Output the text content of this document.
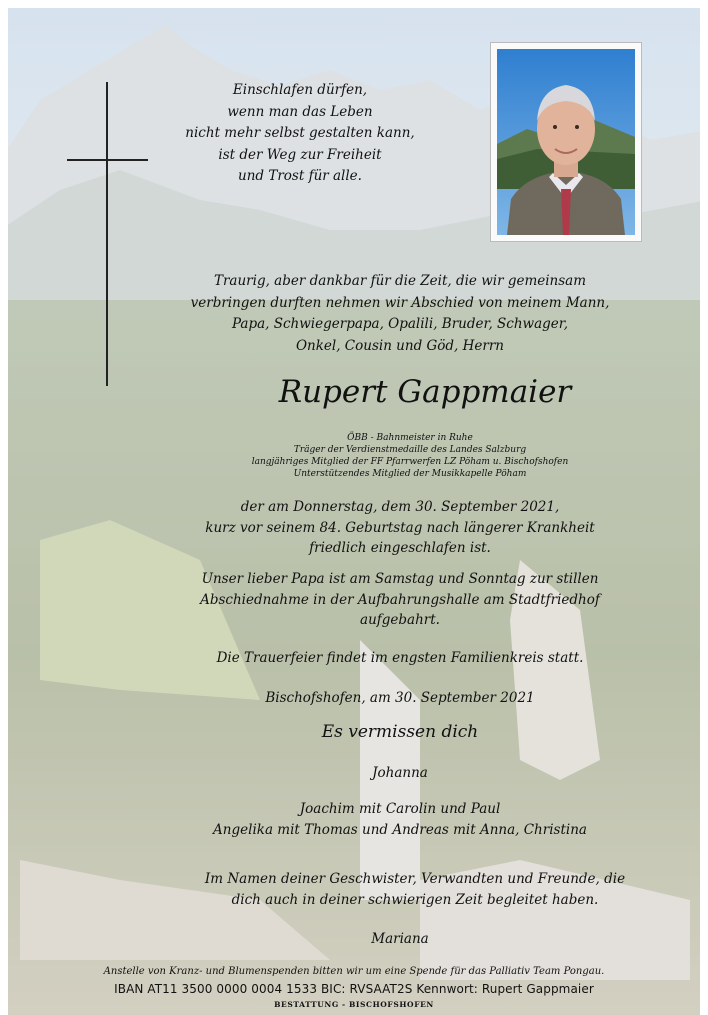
Einschlafen dürfen,
wenn man das Leben
nicht mehr selbst gestalten kann,
ist der Weg zur Freiheit
und Trost für alle.
Traurig, aber dankbar für die Zeit, die wir gemeinsam
verbringen durften nehmen wir Abschied von meinem Mann,
Papa, Schwiegerpapa, Opalili, Bruder, Schwager,
Onkel, Cousin und Göd, Herrn
Rupert Gappmaier
ÖBB - Bahnmeister in Ruhe
Träger der Verdienstmedaille des Landes Salzburg
langjähriges Mitglied der FF Pfarrwerfen LZ Pöham u. Bischofshofen
Unterstützendes Mitglied der Musikkapelle Pöham
der am Donnerstag, dem 30. September 2021,
kurz vor seinem 84. Geburtstag nach längerer Krankheit
friedlich eingeschlafen ist.
Unser lieber Papa ist am Samstag und Sonntag zur stillen
Abschiednahme in der Aufbahrungshalle am Stadtfriedhof
aufgebahrt.
Die Trauerfeier findet im engsten Familienkreis statt.
Bischofshofen, am 30. September 2021
Es vermissen dich
Johanna
Joachim mit Carolin und Paul
Angelika mit Thomas und Andreas mit Anna, Christina
Im Namen deiner Geschwister, Verwandten und Freunde, die
dich auch in deiner schwierigen Zeit begleitet haben.
Mariana
Anstelle von Kranz- und Blumenspenden bitten wir um eine Spende für das Palliativ Team Pongau.
IBAN AT11 3500 0000 0004 1533 BIC: RVSAAT2S Kennwort: Rupert Gappmaier
BESTATTUNG - BISCHOFSHOFEN
